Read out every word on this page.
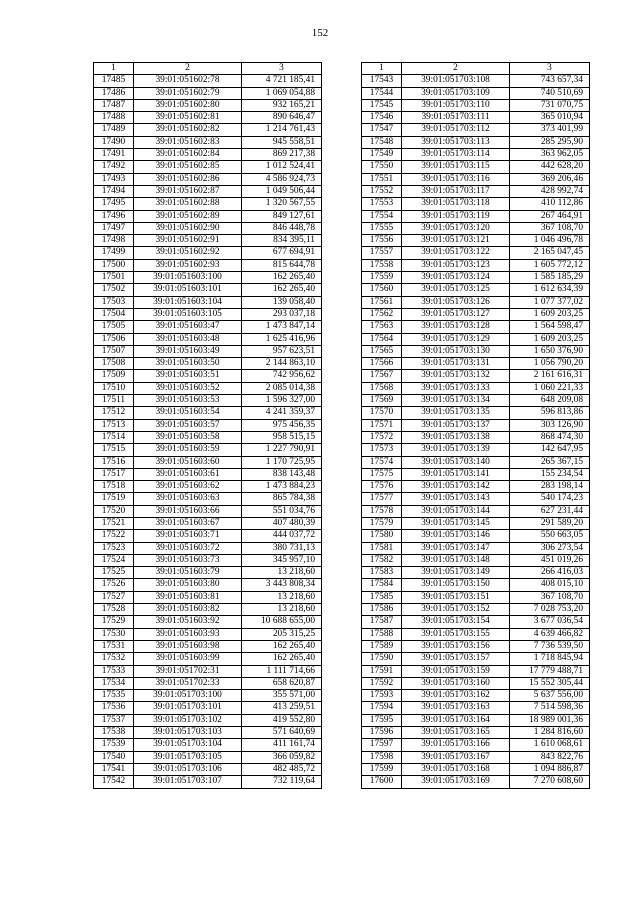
152
1	2	3
17485	39:01:051602:78	4 721 185,41
17486	39:01:051602:79	1 069 054,88
17487	39:01:051602:80	932 165,21
17488	39:01:051602:81	890 646,47
17489	39:01:051602:82	1 214 761,43
17490	39:01:051602:83	945 558,51
17491	39:01:051602:84	869 217,38
17492	39:01:051602:85	1 012 524,41
17493	39:01:051602:86	4 586 924,73
17494	39:01:051602:87	1 049 506,44
17495	39:01:051602:88	1 320 567,55
17496	39:01:051602:89	849 127,61
17497	39:01:051602:90	846 448,78
17498	39:01:051602:91	834 395,11
17499	39:01:051602:92	677 694,91
17500	39:01:051602:93	815 644,78
17501	39:01:051603:100	162 265,40
17502	39:01:051603:101	162 265,40
17503	39:01:051603:104	139 058,40
17504	39:01:051603:105	293 037,18
17505	39:01:051603:47	1 473 847,14
17506	39:01:051603:48	1 625 416,96
17507	39:01:051603:49	957 623,51
17508	39:01:051603:50	2 144 863,10
17509	39:01:051603:51	742 956,62
17510	39:01:051603:52	2 085 014,38
17511	39:01:051603:53	1 596 327,00
17512	39:01:051603:54	4 241 359,37
17513	39:01:051603:57	975 456,35
17514	39:01:051603:58	958 515,15
17515	39:01:051603:59	1 227 790,91
17516	39:01:051603:60	1 170 725,95
17517	39:01:051603:61	838 143,48
17518	39:01:051603:62	1 473 884,23
17519	39:01:051603:63	865 784,38
17520	39:01:051603:66	551 034,76
17521	39:01:051603:67	407 480,39
17522	39:01:051603:71	444 037,72
17523	39:01:051603:72	380 731,13
17524	39:01:051603:73	345 957,10
17525	39:01:051603:79	13 218,60
17526	39:01:051603:80	3 443 808,34
17527	39:01:051603:81	13 218,60
17528	39:01:051603:82	13 218,60
17529	39:01:051603:92	10 688 655,00
17530	39:01:051603:93	205 315,25
17531	39:01:051603:98	162 265,40
17532	39:01:051603:99	162 265,40
17533	39:01:051702:31	1 111 714,66
17534	39:01:051702:33	658 620,87
17535	39:01:051703:100	355 571,00
17536	39:01:051703:101	413 259,51
17537	39:01:051703:102	419 552,80
17538	39:01:051703:103	571 640,69
17539	39:01:051703:104	411 161,74
17540	39:01:051703:105	366 059,82
17541	39:01:051703:106	482 485,72
17542	39:01:051703:107	732 119,64
1	2	3
17543	39:01:051703:108	743 657,34
17544	39:01:051703:109	740 510,69
17545	39:01:051703:110	731 070,75
17546	39:01:051703:111	365 010,94
17547	39:01:051703:112	373 401,99
17548	39:01:051703:113	285 295,90
17549	39:01:051703:114	363 962,05
17550	39:01:051703:115	442 628,20
17551	39:01:051703:116	369 206,46
17552	39:01:051703:117	428 992,74
17553	39:01:051703:118	410 112,86
17554	39:01:051703:119	267 464,91
17555	39:01:051703:120	367 108,70
17556	39:01:051703:121	1 046 496,78
17557	39:01:051703:122	2 165 047,45
17558	39:01:051703:123	1 605 772,12
17559	39:01:051703:124	1 585 185,29
17560	39:01:051703:125	1 612 634,39
17561	39:01:051703:126	1 077 377,02
17562	39:01:051703:127	1 609 203,25
17563	39:01:051703:128	1 564 598,47
17564	39:01:051703:129	1 609 203,25
17565	39:01:051703:130	1 650 376,90
17566	39:01:051703:131	1 056 790,20
17567	39:01:051703:132	2 161 616,31
17568	39:01:051703:133	1 060 221,33
17569	39:01:051703:134	648 209,08
17570	39:01:051703:135	596 813,86
17571	39:01:051703:137	303 126,90
17572	39:01:051703:138	868 474,30
17573	39:01:051703:139	142 647,95
17574	39:01:051703:140	265 367,15
17575	39:01:051703:141	155 234,54
17576	39:01:051703:142	283 198,14
17577	39:01:051703:143	540 174,23
17578	39:01:051703:144	627 231,44
17579	39:01:051703:145	291 589,20
17580	39:01:051703:146	550 663,05
17581	39:01:051703:147	306 273,54
17582	39:01:051703:148	451 019,26
17583	39:01:051703:149	266 416,03
17584	39:01:051703:150	408 015,10
17585	39:01:051703:151	367 108,70
17586	39:01:051703:152	7 028 753,20
17587	39:01:051703:154	3 677 036,54
17588	39:01:051703:155	4 639 466,82
17589	39:01:051703:156	7 736 539,50
17590	39:01:051703:157	1 718 845,94
17591	39:01:051703:159	17 779 488,71
17592	39:01:051703:160	15 552 305,44
17593	39:01:051703:162	5 637 556,00
17594	39:01:051703:163	7 514 598,36
17595	39:01:051703:164	18 989 001,36
17596	39:01:051703:165	1 284 816,60
17597	39:01:051703:166	1 610 068,61
17598	39:01:051703:167	843 822,76
17599	39:01:051703:168	1 094 886,87
17600	39:01:051703:169	7 270 608,60
